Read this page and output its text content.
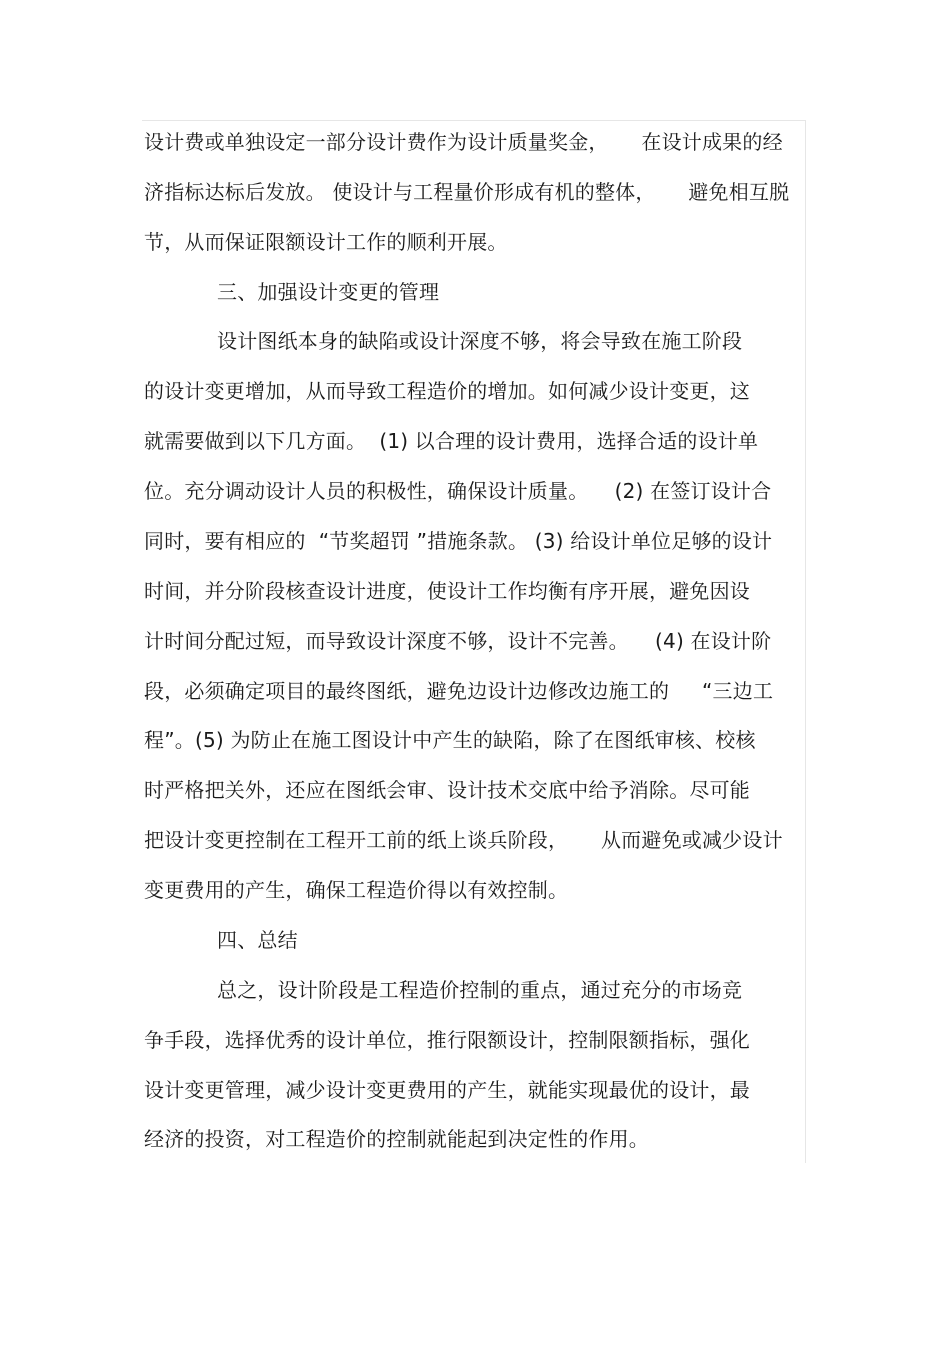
设计费或单独设定一部分设计费作为设计质量奖金，     在设计成果的经
济指标达标后发放。 使设计与工程量价形成有机的整体，     避免相互脱
节，从而保证限额设计工作的顺利开展。
三、加强设计变更的管理
设计图纸本身的缺陷或设计深度不够，将会导致在施工阶段
的设计变更增加，从而导致工程造价的增加。如何减少设计变更，这
就需要做到以下几方面。  (1) 以合理的设计费用，选择合适的设计单
位。充分调动设计人员的积极性，确保设计质量。    (2) 在签订设计合
同时，要有相应的  “节奖超罚 ”措施条款。 (3) 给设计单位足够的设计
时间，并分阶段核查设计进度，使设计工作均衡有序开展，避免因设
计时间分配过短，而导致设计深度不够，设计不完善。    (4) 在设计阶
段，必须确定项目的最终图纸，避免边设计边修改边施工的     “三边工
程”。(5) 为防止在施工图设计中产生的缺陷，除了在图纸审核、校核
时严格把关外，还应在图纸会审、设计技术交底中给予消除。尽可能
把设计变更控制在工程开工前的纸上谈兵阶段，     从而避免或减少设计
变更费用的产生，确保工程造价得以有效控制。
四、总结
总之，设计阶段是工程造价控制的重点，通过充分的市场竞
争手段，选择优秀的设计单位，推行限额设计，控制限额指标，强化
设计变更管理，减少设计变更费用的产生，就能实现最优的设计，最
经济的投资，对工程造价的控制就能起到决定性的作用。
